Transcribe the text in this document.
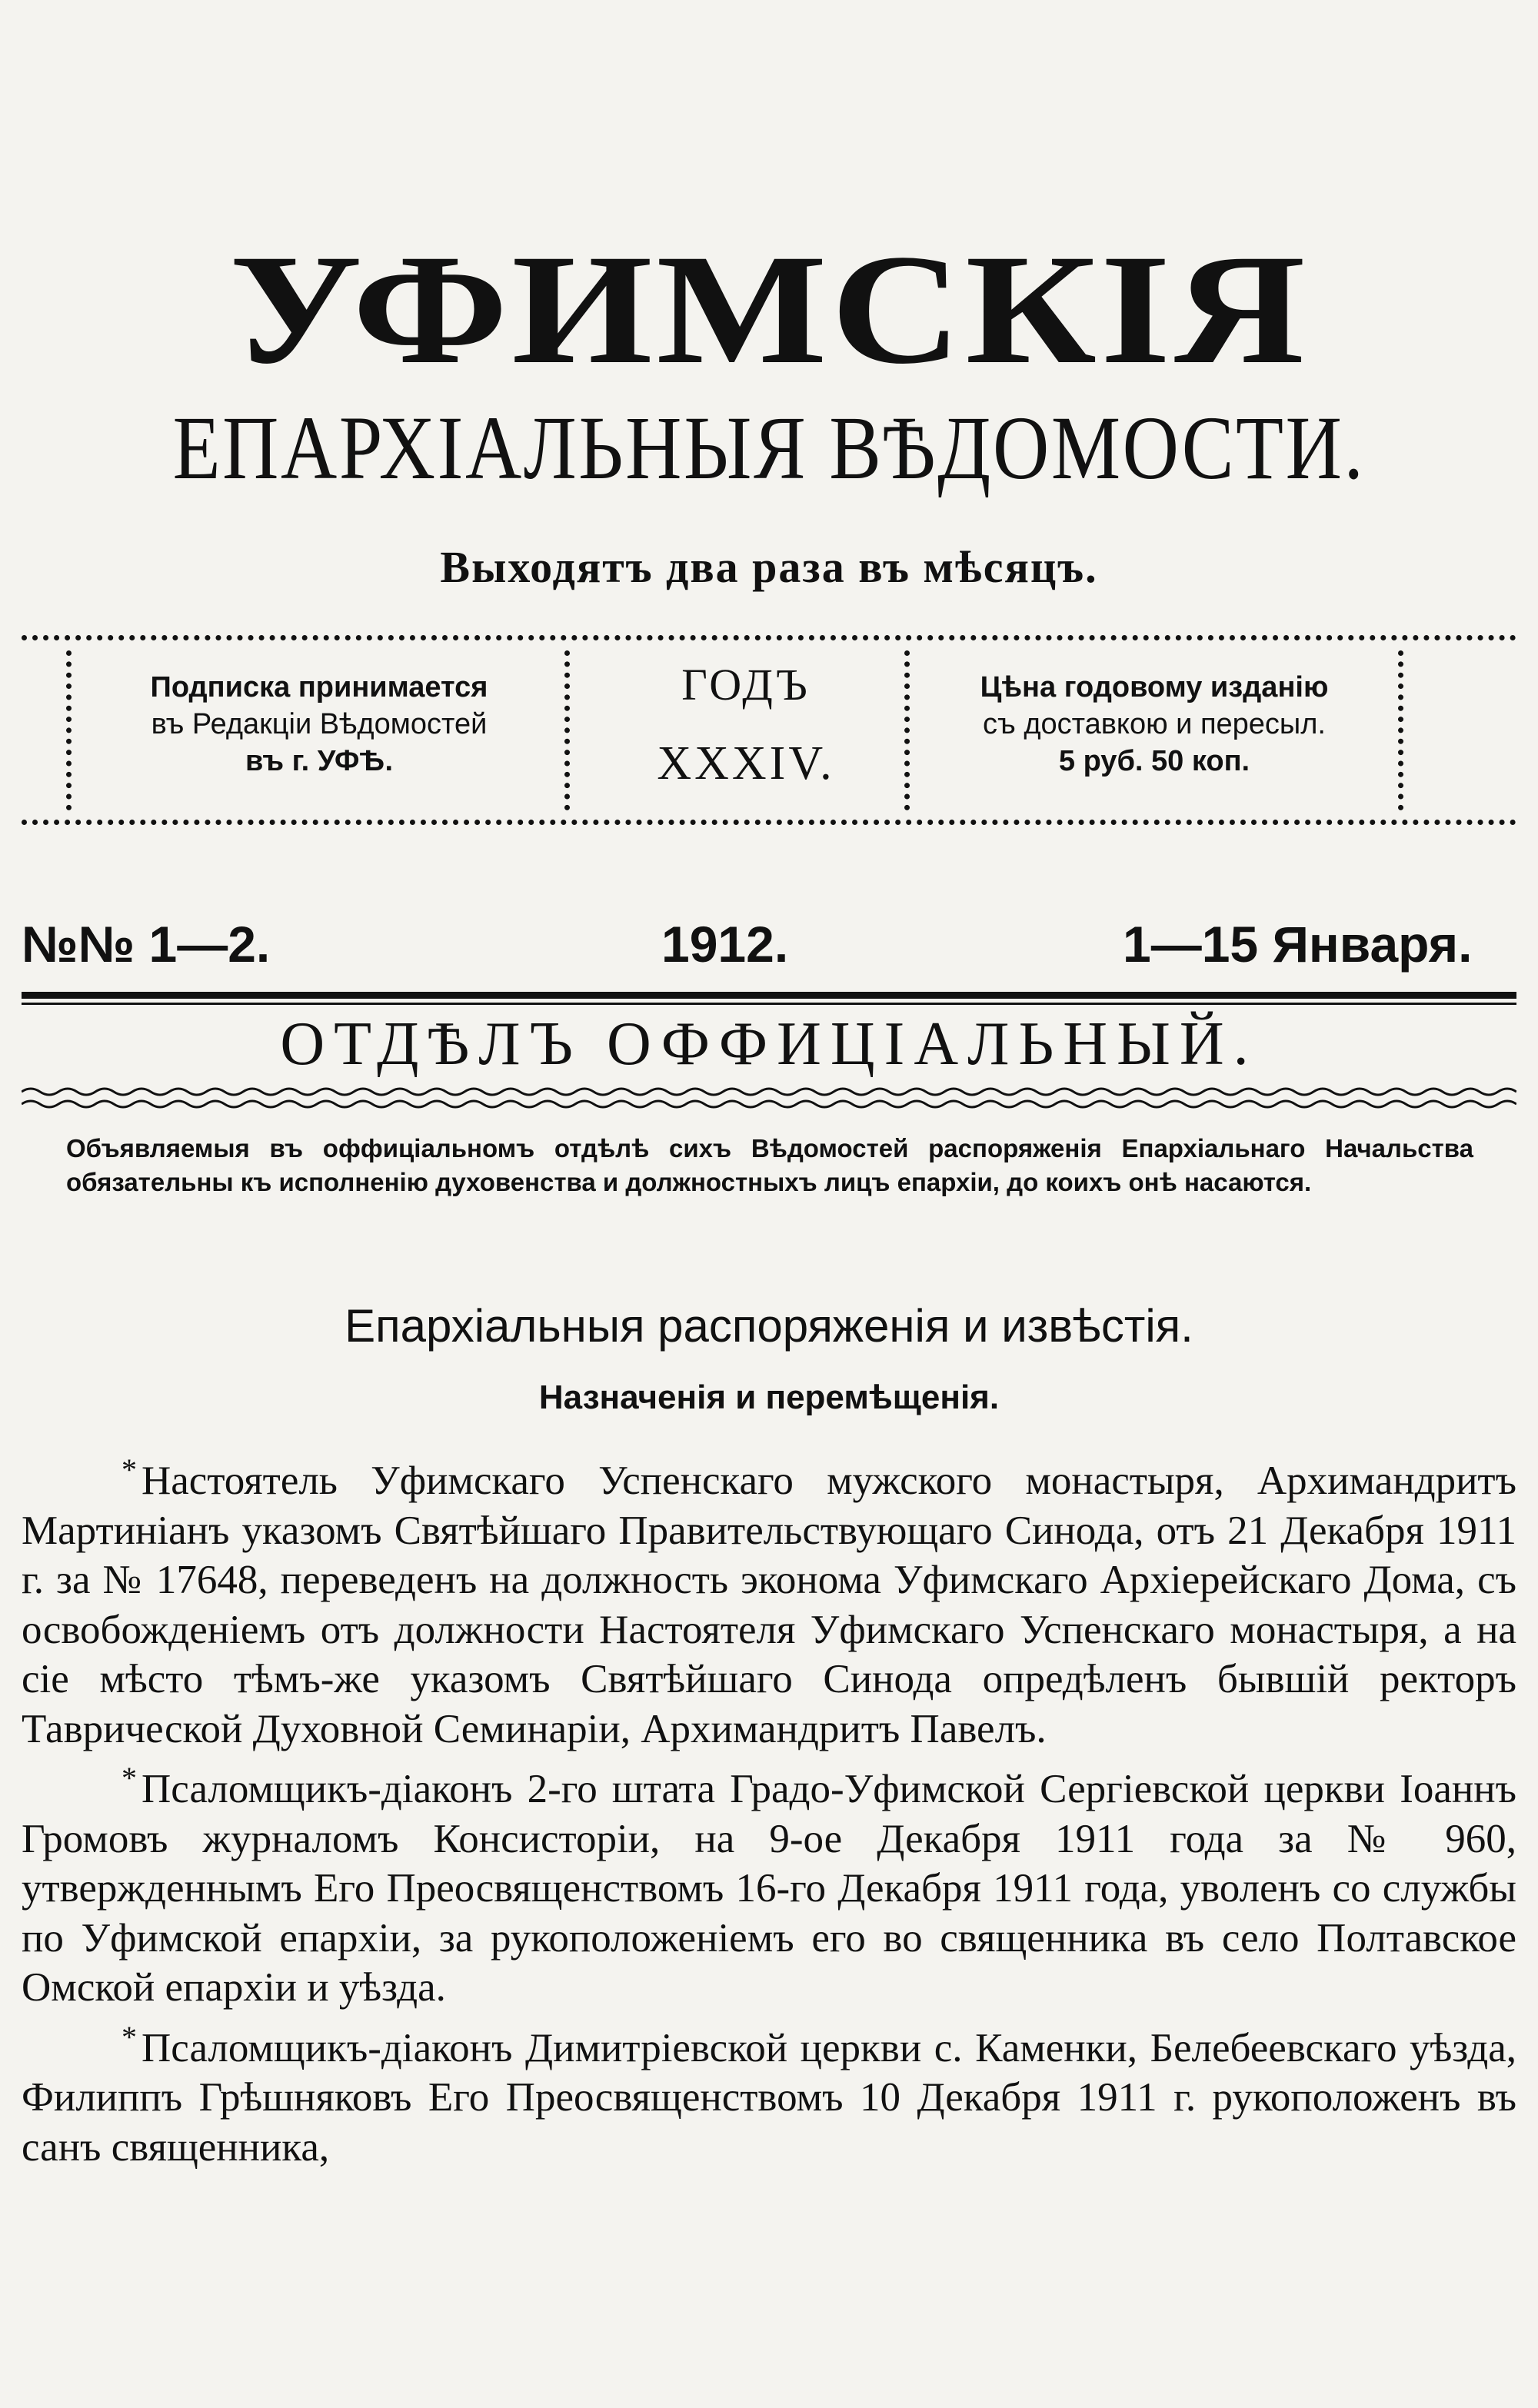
УФИМСКІЯ
ЕПАРХІАЛЬНЫЯ ВѢДОМОСТИ.
Выходятъ два раза въ мѣсяцъ.
Подписка принимается
въ Редакціи Вѣдомостей
въ г. УФѢ.
ГОДЪ
XXXIV.
Цѣна годовому изданію
съ доставкою и пересыл.
5 руб. 50 коп.
№№ 1—2.	1912.	1—15 Января.
ОТДѢЛЪ ОФФИЦІАЛЬНЫЙ.
Объявляемыя въ оффиціальномъ отдѣлѣ сихъ Вѣдомостей распоряженія Епархіальнаго Начальства обязательны къ исполненію духовенства и должностныхъ лицъ епархіи, до коихъ онѣ насаются.
Епархіальныя распоряженія и извѣстія.
Назначенія и перемѣщенія.

* Настоятель Уфимскаго Успенскаго мужского монастыря, Архимандритъ Мартиніанъ указомъ Святѣйшаго Правительствующаго Синода, отъ 21 Декабря 1911 г. за № 17648, переведенъ на должность эконома Уфимскаго Архіерейскаго Дома, съ освобожденіемъ отъ должности Настоятеля Уфимскаго Успенскаго монастыря, а на сіе мѣсто тѣмъ-же указомъ Святѣйшаго Синода опредѣленъ бывшій ректоръ Таврической Духовной Семинаріи, Архимандритъ Павелъ.

* Псаломщикъ-діаконъ 2-го штата Градо-Уфимской Сергіевской церкви Іоаннъ Громовъ журналомъ Консисторіи, на 9-ое Декабря 1911 года за № 960, утвержденнымъ Его Преосвященствомъ 16-го Декабря 1911 года, уволенъ со службы по Уфимской епархіи, за рукоположеніемъ его во священника въ село Полтавское Омской епархіи и уѣзда.

* Псаломщикъ-діаконъ Димитріевской церкви с. Каменки, Белебеевскаго уѣзда, Филиппъ Грѣшняковъ Его Преосвященствомъ 10 Декабря 1911 г. рукоположенъ въ санъ священника,
